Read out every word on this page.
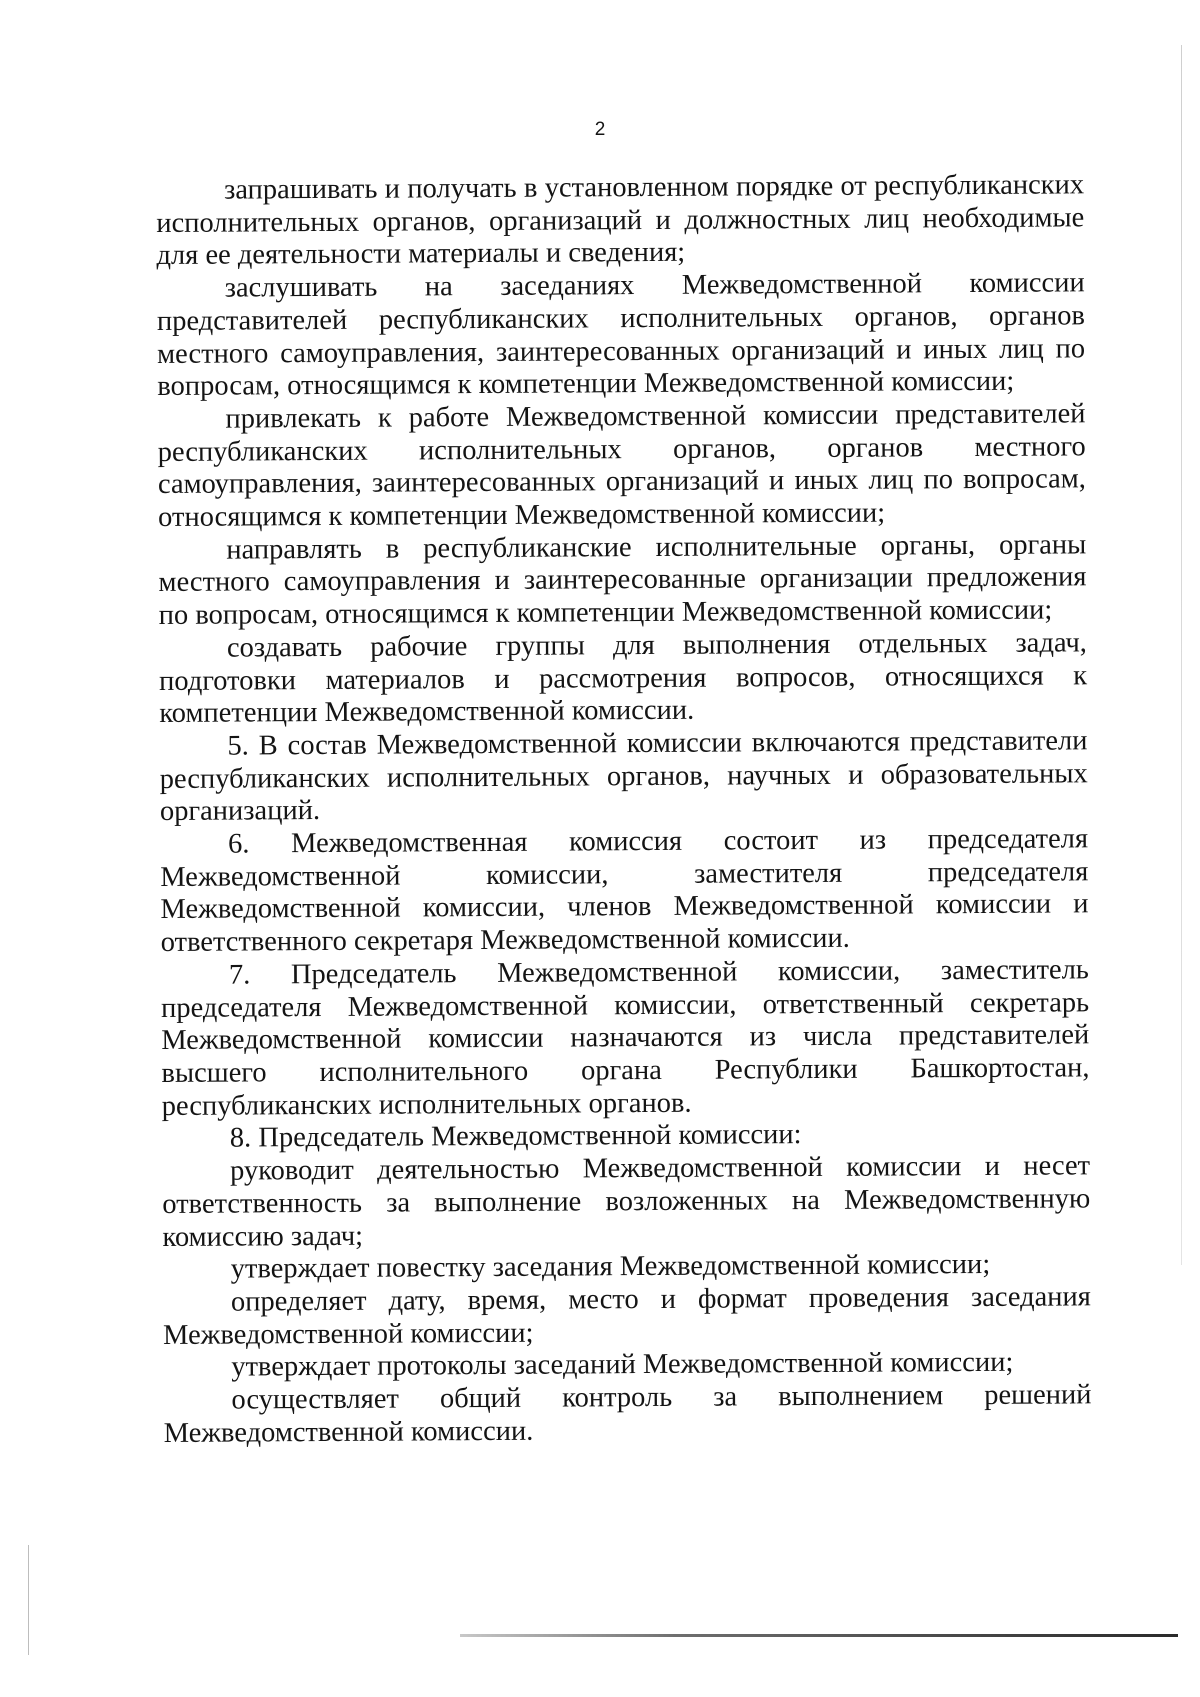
2

запрашивать и получать в установленном порядке от республиканских исполнительных органов, организаций и должностных лиц необходимые для ее деятельности материалы и сведения;

заслушивать на заседаниях Межведомственной комиссии представителей республиканских исполнительных органов, органов местного самоуправления, заинтересованных организаций и иных лиц по вопросам, относящимся к компетенции Межведомственной комиссии;

привлекать к работе Межведомственной комиссии представителей республиканских исполнительных органов, органов местного самоуправления, заинтересованных организаций и иных лиц по вопросам, относящимся к компетенции Межведомственной комиссии;

направлять в республиканские исполнительные органы, органы местного самоуправления и заинтересованные организации предложения по вопросам, относящимся к компетенции Межведомственной комиссии;

создавать рабочие группы для выполнения отдельных задач, подготовки материалов и рассмотрения вопросов, относящихся к компетенции Межведомственной комиссии.

5. В состав Межведомственной комиссии включаются представители республиканских исполнительных органов, научных и образовательных организаций.

6. Межведомственная комиссия состоит из председателя Межведомственной комиссии, заместителя председателя Межведомственной комиссии, членов Межведомственной комиссии и ответственного секретаря Межведомственной комиссии.

7. Председатель Межведомственной комиссии, заместитель председателя Межведомственной комиссии, ответственный секретарь Межведомственной комиссии назначаются из числа представителей высшего исполнительного органа Республики Башкортостан, республиканских исполнительных органов.

8. Председатель Межведомственной комиссии:

руководит деятельностью Межведомственной комиссии и несет ответственность за выполнение возложенных на Межведомственную комиссию задач;

утверждает повестку заседания Межведомственной комиссии;

определяет дату, время, место и формат проведения заседания Межведомственной комиссии;

утверждает протоколы заседаний Межведомственной комиссии;

осуществляет общий контроль за выполнением решений Межведомственной комиссии.
